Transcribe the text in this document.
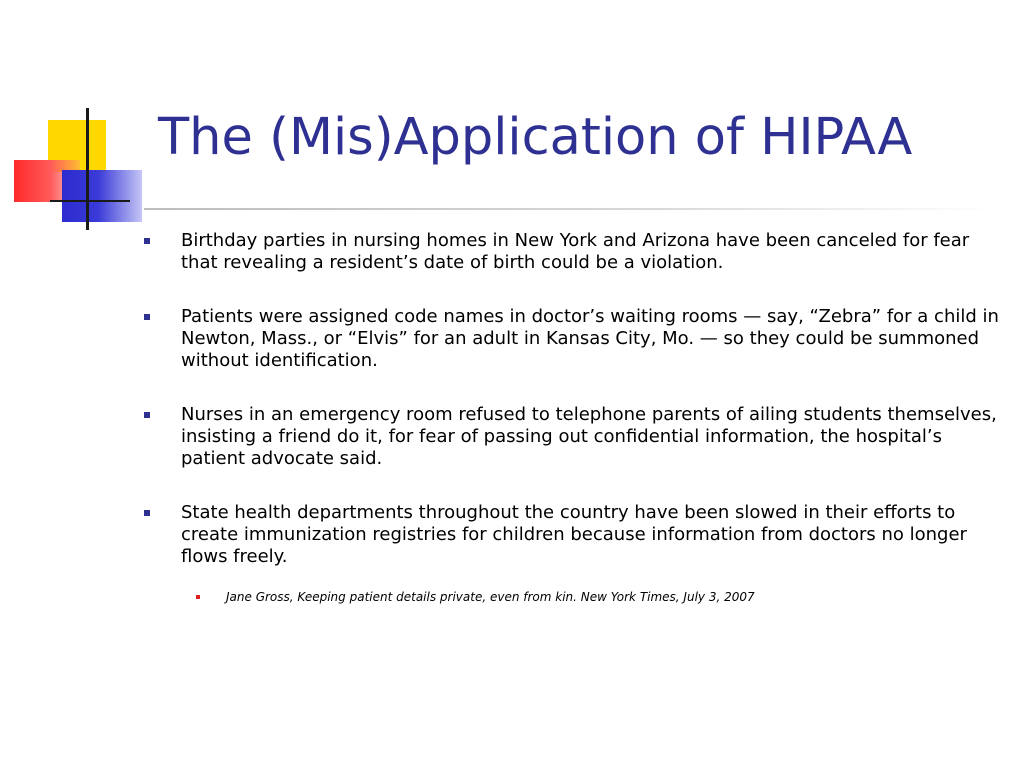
The (Mis)Application of HIPAA
Birthday parties in nursing homes in New York and Arizona have been canceled for fear that revealing a resident’s date of birth could be a violation.
Patients were assigned code names in doctor’s waiting rooms — say, “Zebra” for a child in Newton, Mass., or “Elvis” for an adult in Kansas City, Mo. — so they could be summoned without identification.
Nurses in an emergency room refused to telephone parents of ailing students themselves, insisting a friend do it, for fear of passing out confidential information, the hospital’s patient advocate said.
State health departments throughout the country have been slowed in their efforts to create immunization registries for children because information from doctors no longer flows freely.
Jane Gross, Keeping patient details private, even from kin. New York Times, July 3, 2007
